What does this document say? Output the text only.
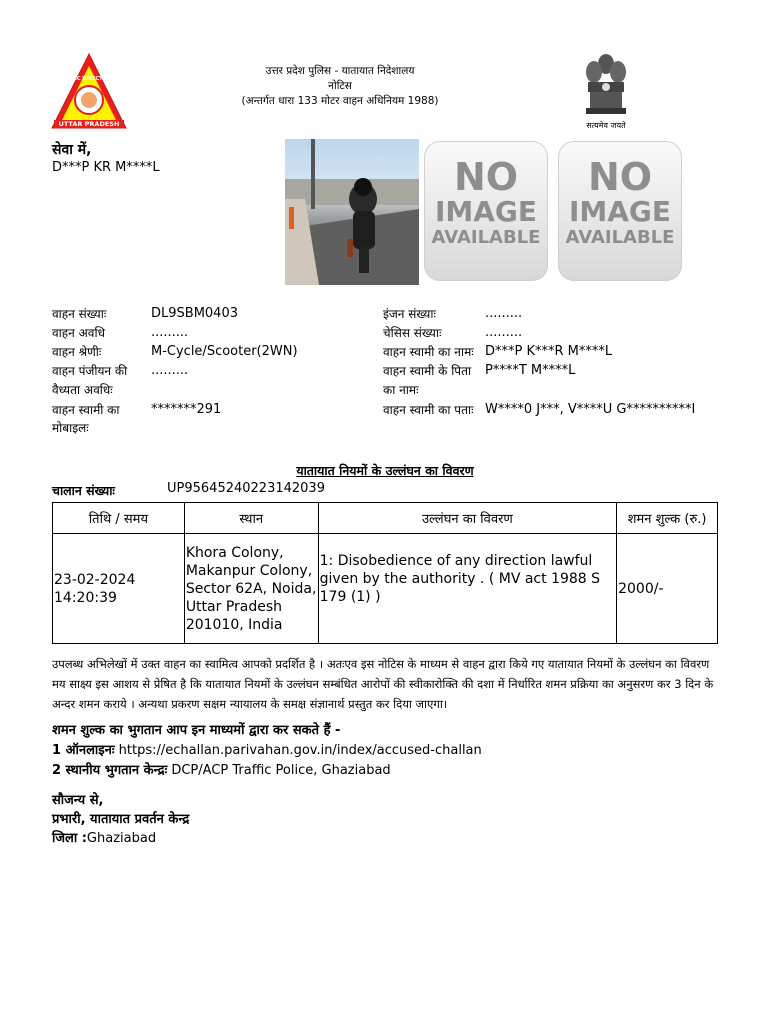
TRAFFIC DIRECTORATE
UTTAR PRADESH
उत्तर प्रदेश पुलिस - यातायात निदेशालय
नोटिस
(अन्तर्गत धारा 133 मोटर वाहन अधिनियम 1988)
सत्यमेव जयते
सेवा में,
D***P KR M****L	NO
IMAGE
AVAILABLE
NO
IMAGE
AVAILABLE
वाहन संख्याः	DL9SBM0403
वाहन अवधि	.........
वाहन श्रेणीः	M-Cycle/Scooter(2WN)
वाहन पंजीयन की
वैध्यता अवधिः
.........
वाहन स्वामी का
मोबाइलः
*******291
इंजन संख्याः	.........
चेसिस संख्याः	.........
वाहन स्वामी का नामः D***P K***R M****L
वाहन स्वामी के पिता
का नामः
P****T M****L
वाहन स्वामी का पताः W****0 J***, V****U G**********I
यातायात नियमों के उल्लंघन का विवरण
चालान संख्याः	UP95645240223142039
तिथि / समय	स्थान	उल्लंघन का विवरण	शमन शुल्क (रु.)
23-02-2024 14:20:39	Khora Colony, Makanpur Colony, Sector 62A, Noida, Uttar Pradesh 201010, India	1: Disobedience of any direction lawful given by the authority . ( MV act 1988 S 179 (1) )	2000/-
उपलब्ध अभिलेखों में उक्त वाहन का स्वामित्व आपको प्रदर्शित है । अतःएव इस नोटिस के माध्यम से वाहन द्वारा किये गए यातायात नियमों के उल्लंघन का विवरण मय साक्ष्य इस आशय से प्रेषित है कि यातायात नियमों के उल्लंघन सम्बंधित आरोपों की स्वीकारोक्ति की दशा में निर्धारित शमन प्रक्रिया का अनुसरण कर 3 दिन के अन्दर शमन कराये । अन्यथा प्रकरण सक्षम न्यायालय के समक्ष संज्ञानार्थ प्रस्तुत कर दिया जाएगा।
शमन शुल्क का भुगतान आप इन माध्यमों द्वारा कर सकते हैं -
1 ऑनलाइनः https://echallan.parivahan.gov.in/index/accused-challan
2 स्थानीय भुगतान केन्द्रः DCP/ACP Traffic Police, Ghaziabad
सौजन्य से,
प्रभारी, यातायात प्रवर्तन केन्द्र
जिला :Ghaziabad
